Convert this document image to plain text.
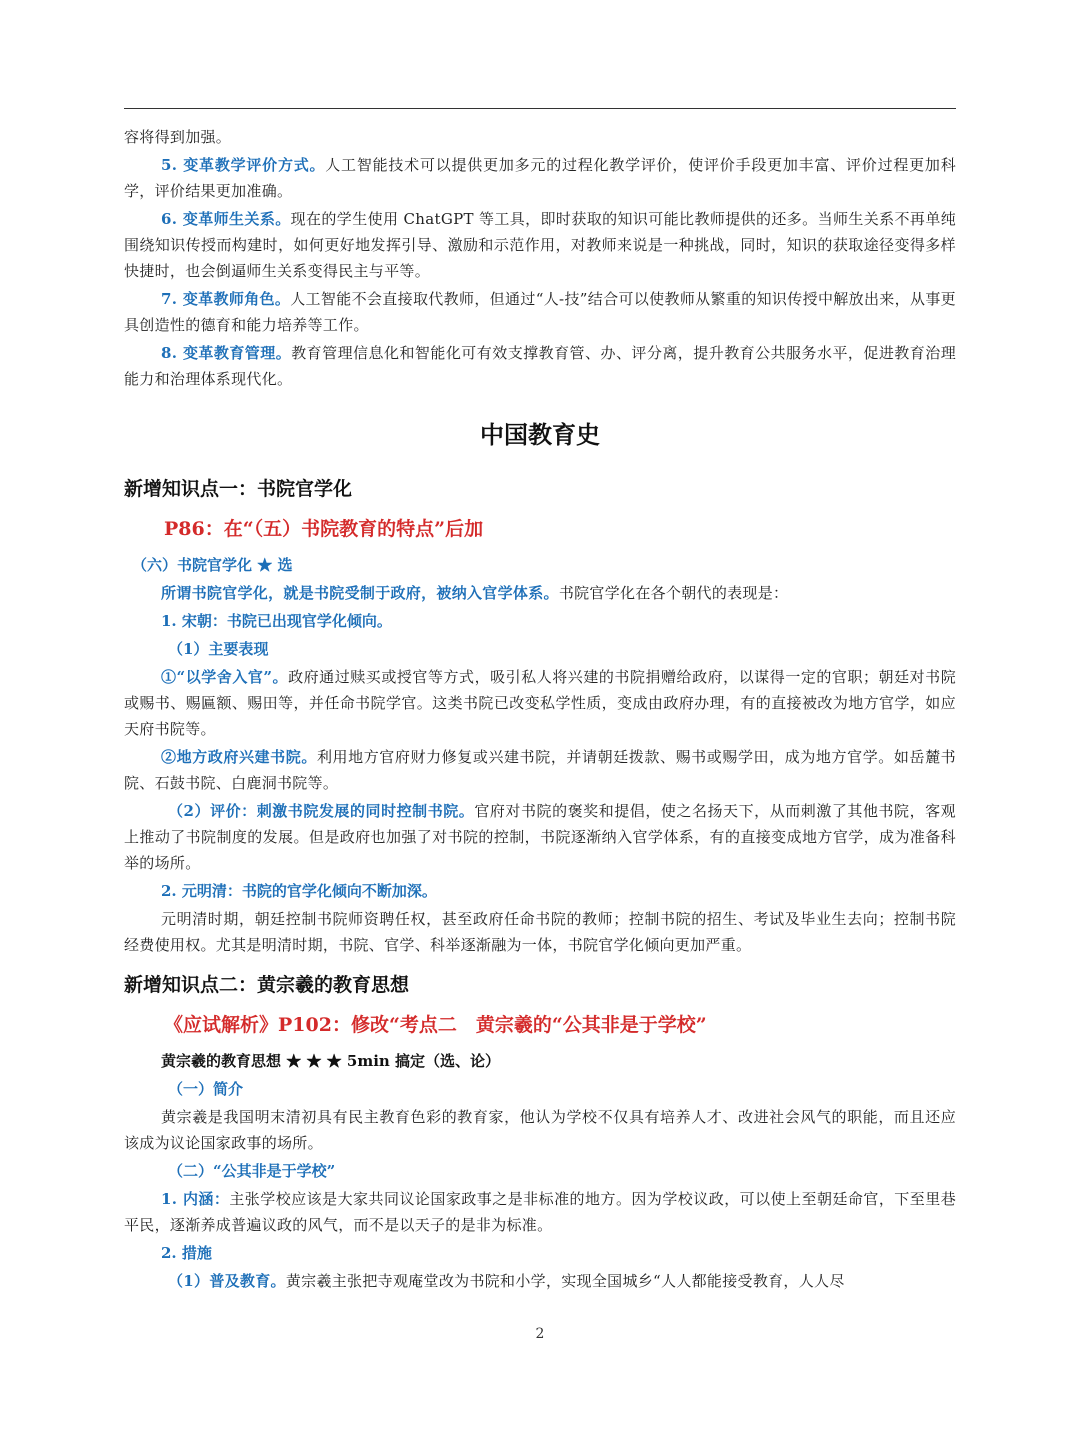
容将得到加强。

5. 变革教学评价方式。人工智能技术可以提供更加多元的过程化教学评价，使评价手段更加丰富、评价过程更加科学，评价结果更加准确。

6. 变革师生关系。现在的学生使用 ChatGPT 等工具，即时获取的知识可能比教师提供的还多。当师生关系不再单纯围绕知识传授而构建时，如何更好地发挥引导、激励和示范作用，对教师来说是一种挑战，同时，知识的获取途径变得多样快捷时，也会倒逼师生关系变得民主与平等。

7. 变革教师角色。人工智能不会直接取代教师，但通过“人-技”结合可以使教师从繁重的知识传授中解放出来，从事更具创造性的德育和能力培养等工作。

8. 变革教育管理。教育管理信息化和智能化可有效支撑教育管、办、评分离，提升教育公共服务水平，促进教育治理能力和治理体系现代化。

中国教育史
新增知识点一：书院官学化
P86：在“（五）书院教育的特点”后加
（六）书院官学化 ★ 选

所谓书院官学化，就是书院受制于政府，被纳入官学体系。书院官学化在各个朝代的表现是：

1. 宋朝：书院已出现官学化倾向。
（1）主要表现

①“以学舍入官”。政府通过赎买或授官等方式，吸引私人将兴建的书院捐赠给政府，以谋得一定的官职；朝廷对书院或赐书、赐匾额、赐田等，并任命书院学官。这类书院已改变私学性质，变成由政府办理，有的直接被改为地方官学，如应天府书院等。

②地方政府兴建书院。利用地方官府财力修复或兴建书院，并请朝廷拨款、赐书或赐学田，成为地方官学。如岳麓书院、石鼓书院、白鹿洞书院等。

（2）评价：刺激书院发展的同时控制书院。官府对书院的褒奖和提倡，使之名扬天下，从而刺激了其他书院，客观上推动了书院制度的发展。但是政府也加强了对书院的控制，书院逐渐纳入官学体系，有的直接变成地方官学，成为准备科举的场所。

2. 元明清：书院的官学化倾向不断加深。

元明清时期，朝廷控制书院师资聘任权，甚至政府任命书院的教师；控制书院的招生、考试及毕业生去向；控制书院经费使用权。尤其是明清时期，书院、官学、科举逐渐融为一体，书院官学化倾向更加严重。

新增知识点二：黄宗羲的教育思想
《应试解析》P102：修改“考点二　黄宗羲的“公其非是于学校”
黄宗羲的教育思想 ★ ★ ★ 5min 搞定（选、论）
（一）简介

黄宗羲是我国明末清初具有民主教育色彩的教育家，他认为学校不仅具有培养人才、改进社会风气的职能，而且还应该成为议论国家政事的场所。

（二）“公其非是于学校”

1. 内涵：主张学校应该是大家共同议论国家政事之是非标准的地方。因为学校议政，可以使上至朝廷命官，下至里巷平民，逐渐养成普遍议政的风气，而不是以天子的是非为标准。

2. 措施

（1）普及教育。黄宗羲主张把寺观庵堂改为书院和小学，实现全国城乡“人人都能接受教育，人人尽

2
